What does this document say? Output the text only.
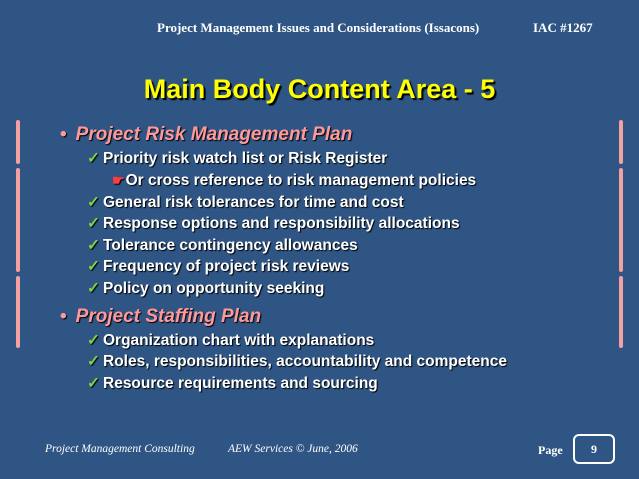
Project Management Issues and Considerations (Issacons)	IAC #1267
Main Body Content Area - 5
• Project Risk Management Plan
✓ Priority risk watch list or Risk Register
☛Or cross reference to risk management policies
✓ General risk tolerances for time and cost
✓ Response options and responsibility allocations
✓ Tolerance contingency allowances
✓ Frequency of project risk reviews
✓ Policy on opportunity seeking
• Project Staffing Plan
✓ Organization chart with explanations
✓ Roles, responsibilities, accountability and competence
✓ Resource requirements and sourcing
Project Management Consulting	AEW Services © June, 2006	Page	9
